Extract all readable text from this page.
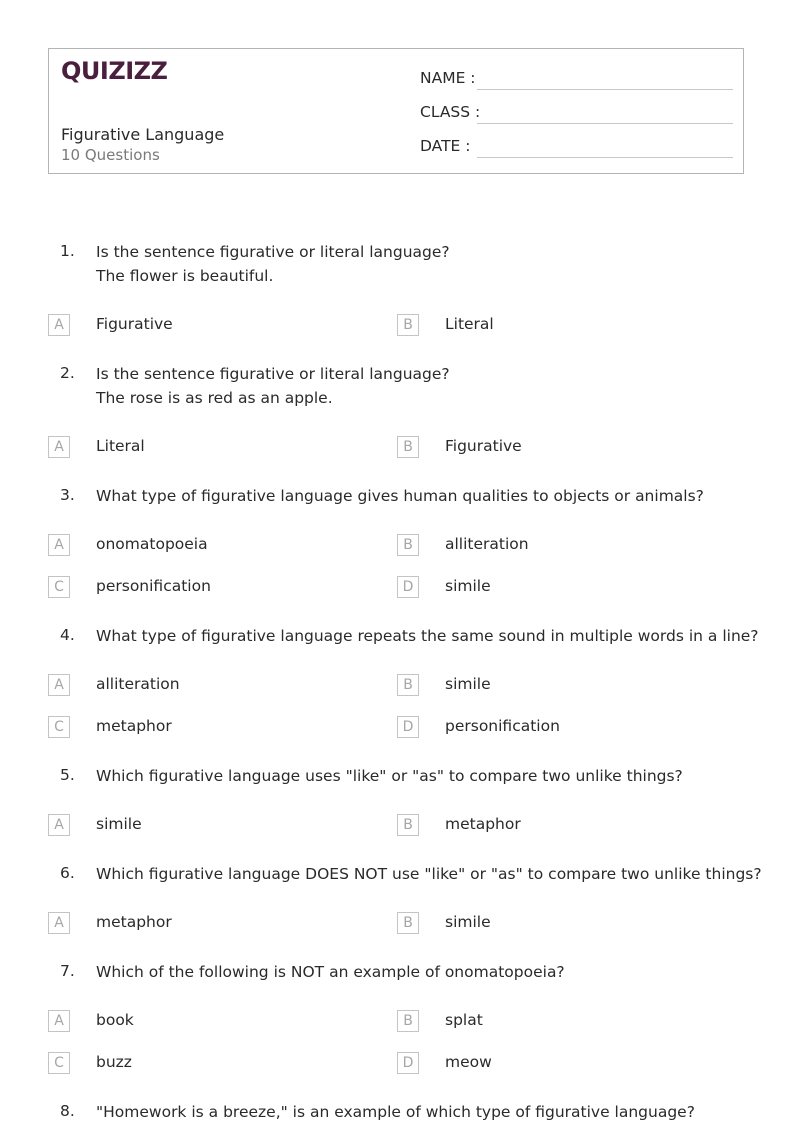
QUIZIZZ
Figurative Language
10 Questions
NAME :
CLASS :
DATE :
1. Is the sentence figurative or literal language?
The flower is beautiful.
A	Figurative	B	Literal
2. Is the sentence figurative or literal language?
The rose is as red as an apple.
A	Literal	B	Figurative
3. What type of figurative language gives human qualities to objects or animals?
A	onomatopoeia	B	alliteration
C	personification	D	simile
4. What type of figurative language repeats the same sound in multiple words in a line?
A	alliteration	B	simile
C	metaphor	D	personification
5. Which figurative language uses "like" or "as" to compare two unlike things?
A	simile	B	metaphor
6. Which figurative language DOES NOT use "like" or "as" to compare two unlike things?
A	metaphor	B	simile
7. Which of the following is NOT an example of onomatopoeia?
A	book	B	splat
C	buzz	D	meow
8. "Homework is a breeze," is an example of which type of figurative language?
